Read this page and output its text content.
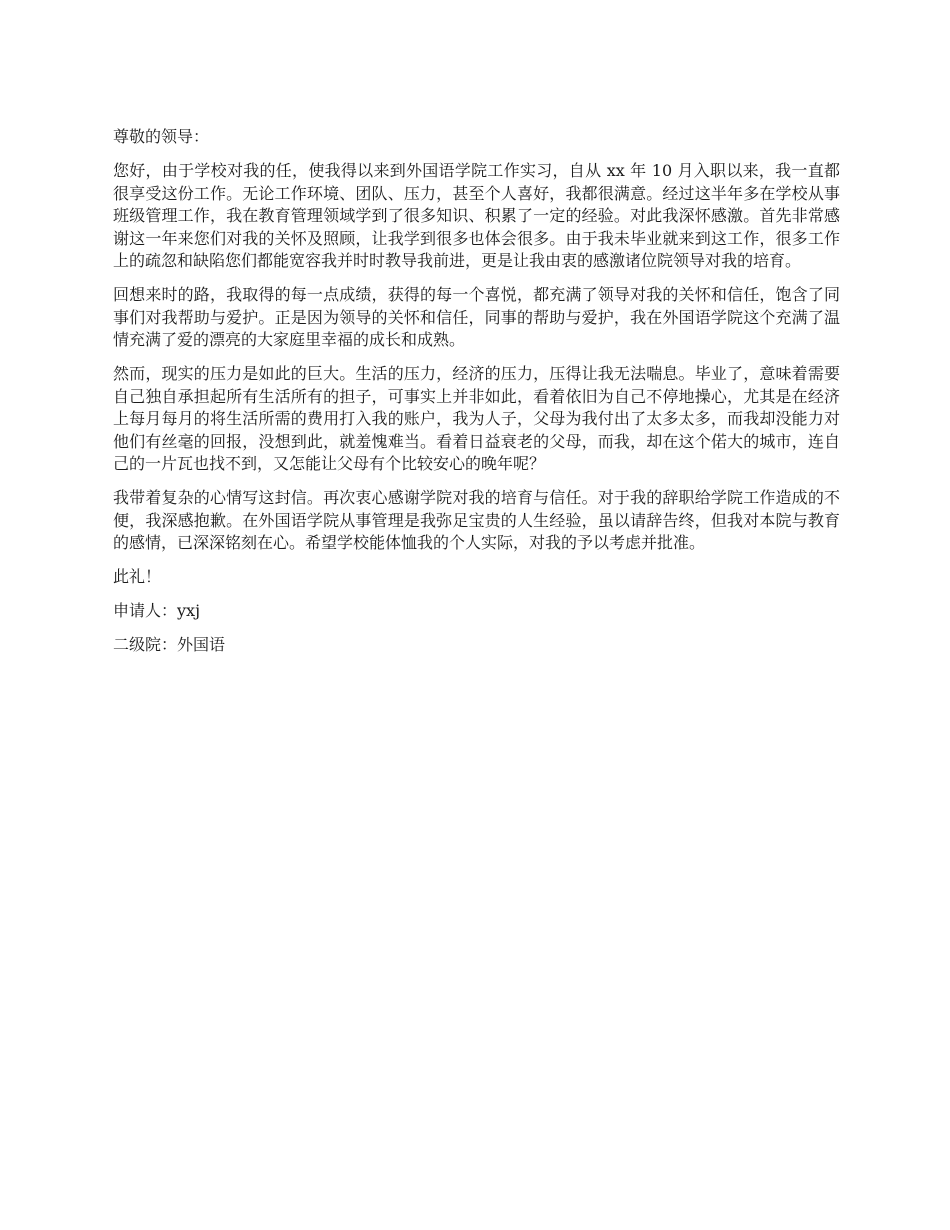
尊敬的领导：

您好，由于学校对我的任，使我得以来到外国语学院工作实习，自从 xx 年 10 月入职以来，我一直都很享受这份工作。无论工作环境、团队、压力，甚至个人喜好，我都很满意。经过这半年多在学校从事班级管理工作，我在教育管理领域学到了很多知识、积累了一定的经验。对此我深怀感激。首先非常感谢这一年来您们对我的关怀及照顾，让我学到很多也体会很多。由于我未毕业就来到这工作，很多工作上的疏忽和缺陷您们都能宽容我并时时教导我前进，更是让我由衷的感激诸位院领导对我的培育。

回想来时的路，我取得的每一点成绩，获得的每一个喜悦，都充满了领导对我的关怀和信任，饱含了同事们对我帮助与爱护。正是因为领导的关怀和信任，同事的帮助与爱护，我在外国语学院这个充满了温情充满了爱的漂亮的大家庭里幸福的成长和成熟。

然而，现实的压力是如此的巨大。生活的压力，经济的压力，压得让我无法喘息。毕业了，意味着需要自己独自承担起所有生活所有的担子，可事实上并非如此，看着依旧为自己不停地操心，尤其是在经济上每月每月的将生活所需的费用打入我的账户，我为人子，父母为我付出了太多太多，而我却没能力对他们有丝毫的回报，没想到此，就羞愧难当。看着日益衰老的父母，而我，却在这个偌大的城市，连自己的一片瓦也找不到，又怎能让父母有个比较安心的晚年呢？

我带着复杂的心情写这封信。再次衷心感谢学院对我的培育与信任。对于我的辞职给学院工作造成的不便，我深感抱歉。在外国语学院从事管理是我弥足宝贵的人生经验，虽以请辞告终，但我对本院与教育的感情，已深深铭刻在心。希望学校能体恤我的个人实际，对我的予以考虑并批准。

此礼！

申请人：yxj

二级院：外国语
